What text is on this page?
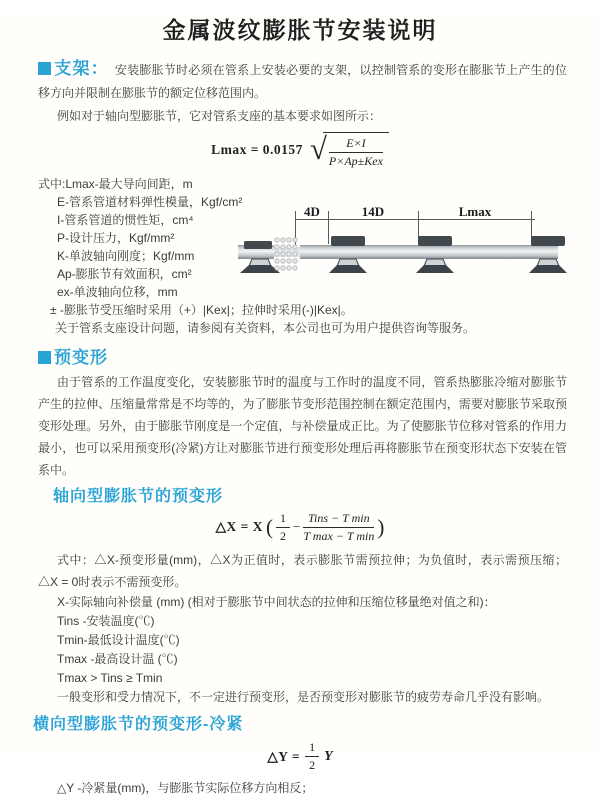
金属波纹膨胀节安装说明

支架： 安装膨胀节时必须在管系上安装必要的支架，以控制管系的变形在膨胀节上产生的位移方向并限制在膨胀节的额定位移范围内。

例如对于轴向型膨胀节，它对管系支座的基本要求如图所示：

Lmax = 0.0157 √ $\frac{E\times I}{\text{P×Ap±Kex}}$
式中:Lmax-最大导向间距，m
E-管系管道材料弹性模量，Kgf/cm²
I-管系管道的惯性矩，cm⁴
P-设计压力，Kgf/mm²
K-单波轴向刚度；Kgf/mm
Ap-膨胀节有效面积，cm²
ex-单波轴向位移，mm
± -膨胀节受压缩时采用（+）|Kex|；拉伸时采用(-)|Kex|。
关于管系支座设计问题，请参阅有关资料，本公司也可为用户提供咨询等服务。
4D	14D	Lmax
预变形

由于管系的工作温度变化，安装膨胀节时的温度与工作时的温度不同，管系热膨胀冷缩对膨胀节产生的拉伸、压缩量常常是不均等的，为了膨胀节变形范围控制在额定范围内，需要对膨胀节采取预变形处理。另外，由于膨胀节刚度是一个定值，与补偿量成正比。为了使膨胀节位移对管系的作用力最小，也可以采用预变形(冷紧)方让对膨胀节进行预变形处理后再将膨胀节在预变形状态下安装在管系中。

轴向型膨胀节的预变形
△X = X ( $\frac{1}{2} - \frac{\text{Tins − T min}}{\text{T max − T min}}$ )

式中：△X-预变形量(mm)，△X为正值时，表示膨胀节需预拉伸；为负值时，表示需预压缩；△X = 0时表示不需预变形。

X-实际轴向补偿量 (mm) (相对于膨胀节中间状态的拉伸和压缩位移量绝对值之和)：
Tins -安装温度(℃)
Tmin-最低设计温度(℃)
Tmax -最高设计温 (℃)
Tmax > Tins ≥ Tmin
一般变形和受力情况下，不一定进行预变形，是否预变形对膨胀节的疲劳寿命几乎没有影响。
横向型膨胀节的预变形-冷紧
△Y = $\frac{1}{2}$ Y
△Y -冷紧量(mm)，与膨胀节实际位移方向相反；
